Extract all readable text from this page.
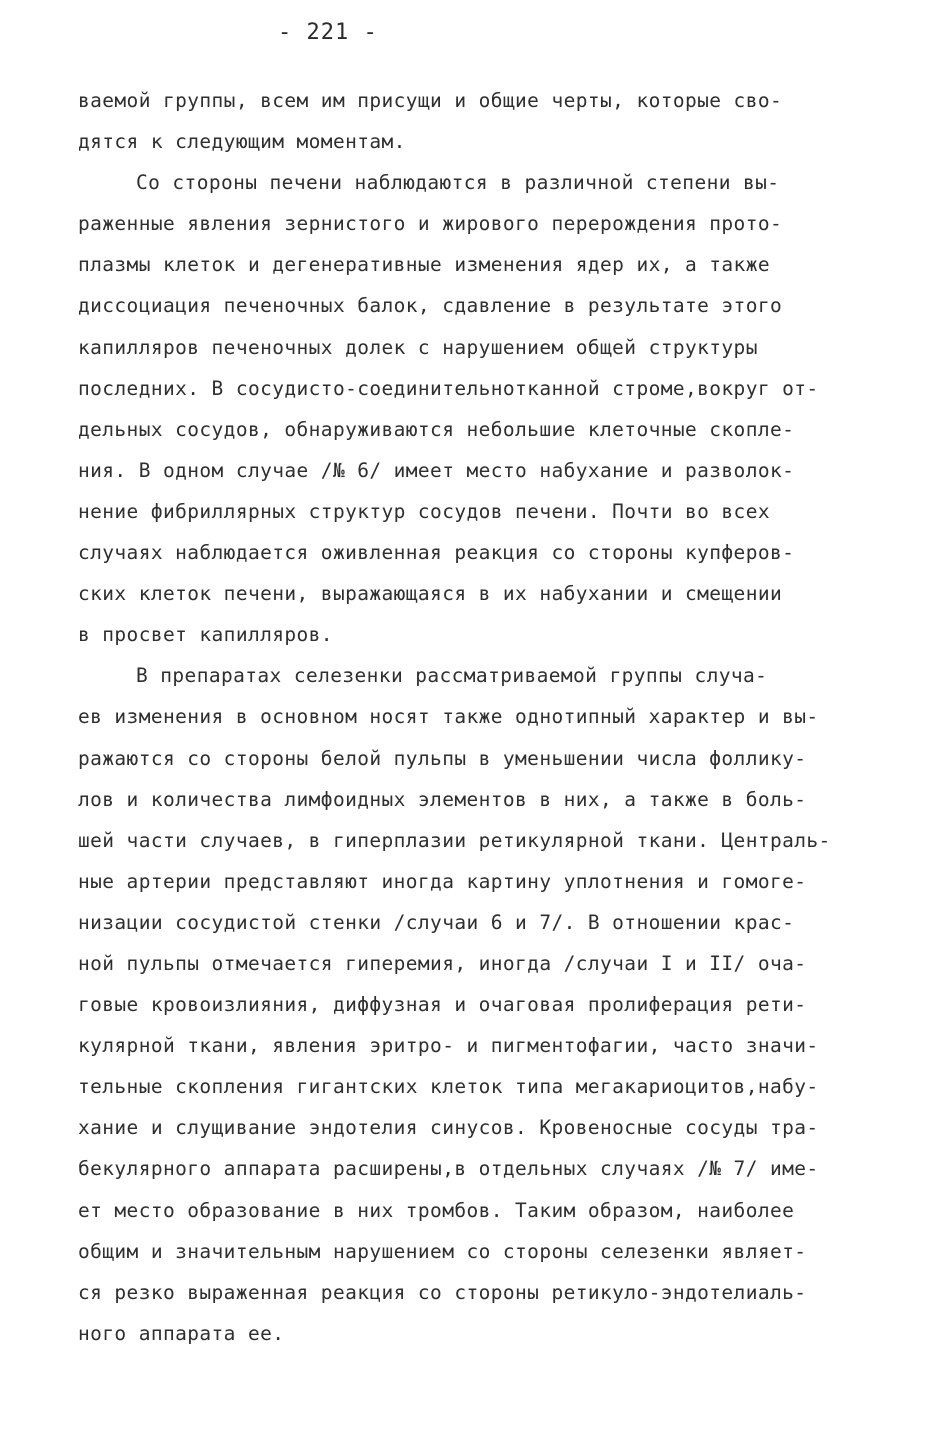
- 221 -
ваемой группы, всем им присущи и общие черты, которые сво-
дятся к следующим моментам.
Со стороны печени наблюдаются в различной степени вы-
раженные явления зернистого и жирового перерождения прото-
плазмы клеток и дегенеративные изменения ядер их, а также
диссоциация печеночных балок, сдавление в результате этого
капилляров печеночных долек с нарушением общей структуры
последних. В сосудисто-соединительнотканной строме,вокруг от-
дельных сосудов, обнаруживаются небольшие клеточные скопле-
ния. В одном случае /№ 6/ имеет место набухание и разволок-
нение фибриллярных структур сосудов печени. Почти во всех
случаях наблюдается оживленная реакция со стороны купферов-
ских клеток печени, выражающаяся в их набухании и смещении
в просвет капилляров.
В препаратах селезенки рассматриваемой группы случа-
ев изменения в основном носят также однотипный характер и вы-
ражаются со стороны белой пульпы в уменьшении числа фоллику-
лов и количества лимфоидных элементов в них, а также в боль-
шей части случаев, в гиперплазии ретикулярной ткани. Централь-
ные артерии представляют иногда картину уплотнения и гомоге-
низации сосудистой стенки /случаи 6 и 7/. В отношении крас-
ной пульпы отмечается гиперемия, иногда /случаи I и II/ оча-
говые кровоизлияния, диффузная и очаговая пролиферация рети-
кулярной ткани, явления эритро- и пигментофагии, часто значи-
тельные скопления гигантских клеток типа мегакариоцитов,набу-
хание и слущивание эндотелия синусов. Кровеносные сосуды тра-
бекулярного аппарата расширены,в отдельных случаях /№ 7/ име-
ет место образование в них тромбов. Таким образом, наиболее
общим и значительным нарушением со стороны селезенки являет-
ся резко выраженная реакция со стороны ретикуло-эндотелиаль-
ного аппарата ее.
